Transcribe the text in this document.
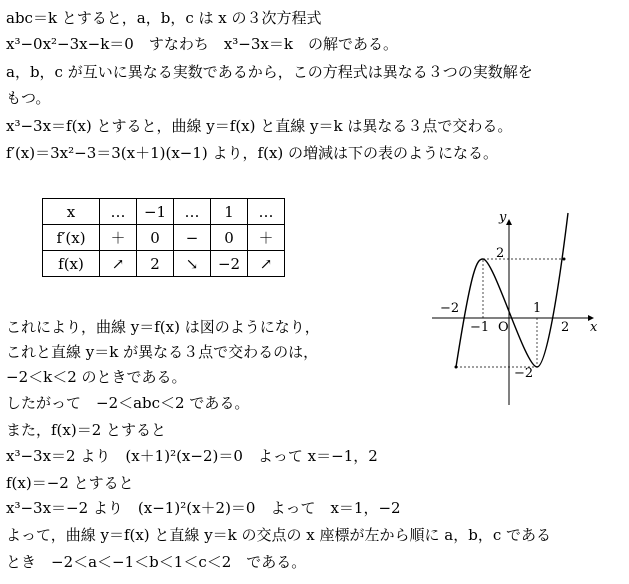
abc＝k とすると，a，b，c は x の３次方程式
x³−0x²−3x−k＝0　すなわち　x³−3x＝k　の解である。
a，b，c が互いに異なる実数であるから，この方程式は異なる３つの実数解を
もつ。
x³−3x＝f(x) とすると，曲線 y＝f(x) と直線 y＝k は異なる３点で交わる。
f′(x)＝3x²−3＝3(x＋1)(x−1) より，f(x) の増減は下の表のようになる。
x	…	−1	…	1	…
f′(x)	＋	0	−	0	＋
f(x)	↗	2	↘	−2	↗
y
x
O
−2
−1
1
2
2
−2
これにより，曲線 y＝f(x) は図のようになり，
これと直線 y＝k が異なる３点で交わるのは，
−2＜k＜2 のときである。
したがって　−2＜abc＜2 である。
また，f(x)＝2 とすると
x³−3x＝2 より　(x＋1)²(x−2)＝0　よって x＝−1，2
f(x)＝−2 とすると
x³−3x＝−2 より　(x−1)²(x＋2)＝0　よって　x＝1，−2
よって，曲線 y＝f(x) と直線 y＝k の交点の x 座標が左から順に a，b，c である
とき　−2＜a＜−1＜b＜1＜c＜2　である。
